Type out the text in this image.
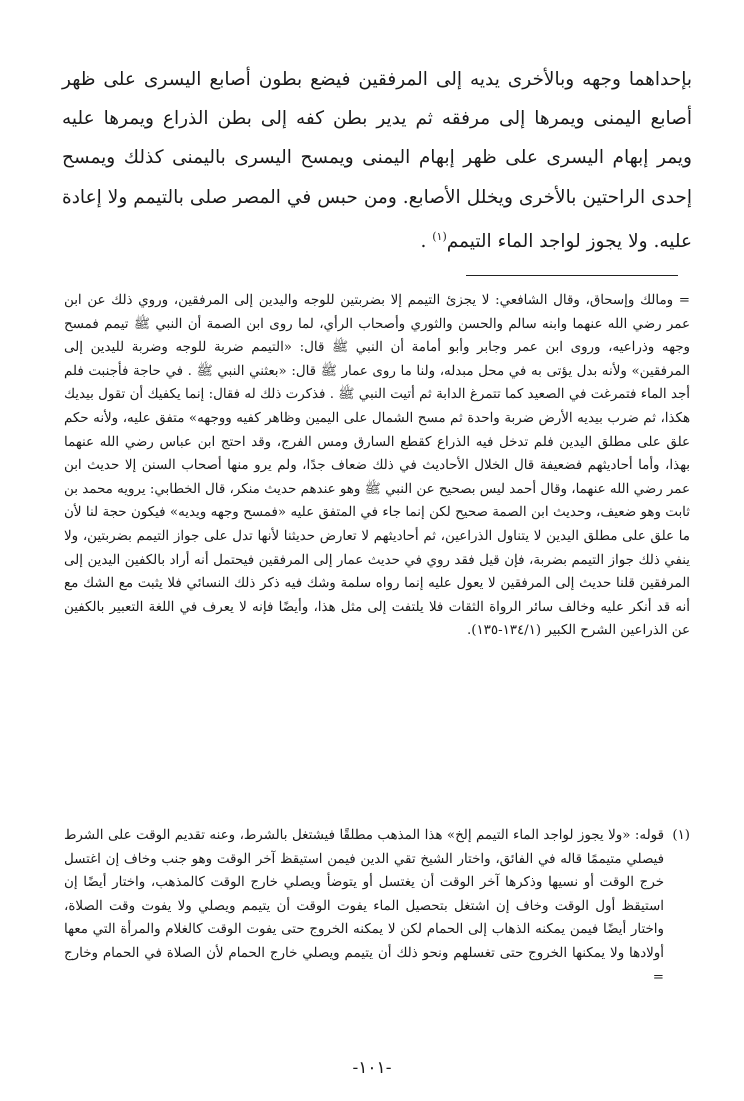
بإحداهما وجهه وبالأخرى يديه إلى المرفقين فيضع بطون أصابع اليسرى على ظهر أصابع اليمنى ويمرها إلى مرفقه ثم يدير بطن كفه إلى بطن الذراع ويمرها عليه ويمر إبهام اليسرى على ظهر إبهام اليمنى ويمسح اليسرى باليمنى كذلك ويمسح إحدى الراحتين بالأخرى ويخلل الأصابع. ومن حبس في المصر صلى بالتيمم ولا إعادة عليه. ولا يجوز لواجد الماء التيمم$^{(١)}$ .

= ومالك وإسحاق، وقال الشافعي: لا يجزئ التيمم إلا بضربتين للوجه واليدين إلى المرفقين، وروي ذلك عن ابن عمر رضي الله عنهما وابنه سالم والحسن والثوري وأصحاب الرأي، لما روى ابن الصمة أن النبي ﷺ تيمم فمسح وجهه وذراعيه، وروى ابن عمر وجابر وأبو أمامة أن النبي ﷺ قال: «التيمم ضربة للوجه وضربة لليدين إلى المرفقين» ولأنه بدل يؤتى به في محل مبدله، ولنا ما روى عمار ﷺ قال: «بعثني النبي ﷺ . في حاجة فأجنبت فلم أجد الماء فتمرغت في الصعيد كما تتمرغ الدابة ثم أتيت النبي ﷺ . فذكرت ذلك له فقال: إنما يكفيك أن تقول بيديك هكذا، ثم ضرب بيديه الأرض ضربة واحدة ثم مسح الشمال على اليمين وظاهر كفيه ووجهه» متفق عليه، ولأنه حكم علق على مطلق اليدين فلم تدخل فيه الذراع كقطع السارق ومس الفرج، وقد احتج ابن عباس رضي الله عنهما بهذا، وأما أحاديثهم فضعيفة قال الخلال الأحاديث في ذلك ضعاف جدًا، ولم يرو منها أصحاب السنن إلا حديث ابن عمر رضي الله عنهما، وقال أحمد ليس بصحيح عن النبي ﷺ وهو عندهم حديث منكر، قال الخطابي: يرويه محمد بن ثابت وهو ضعيف، وحديث ابن الصمة صحيح لكن إنما جاء في المتفق عليه «فمسح وجهه ويديه» فيكون حجة لنا لأن ما علق على مطلق اليدين لا يتناول الذراعين، ثم أحاديثهم لا تعارض حديثنا لأنها تدل على جواز التيمم بضربتين، ولا ينفي ذلك جواز التيمم بضربة، فإن قيل فقد روي في حديث عمار إلى المرفقين فيحتمل أنه أراد بالكفين اليدين إلى المرفقين قلنا حديث إلى المرفقين لا يعول عليه إنما رواه سلمة وشك فيه ذكر ذلك النسائي فلا يثبت مع الشك مع أنه قد أنكر عليه وخالف سائر الرواة الثقات فلا يلتفت إلى مثل هذا، وأيضًا فإنه لا يعرف في اللغة التعبير بالكفين عن الذراعين الشرح الكبير (١٣٤/١-١٣٥).

(١)
قوله: «ولا يجوز لواجد الماء التيمم إلخ» هذا المذهب مطلقًا فيشتغل بالشرط، وعنه تقديم الوقت على الشرط فيصلي متيممًا قاله في الفائق، واختار الشيخ تقي الدين فيمن استيقظ آخر الوقت وهو جنب وخاف إن اغتسل خرج الوقت أو نسيها وذكرها آخر الوقت أن يغتسل أو يتوضأ ويصلي خارج الوقت كالمذهب، واختار أيضًا إن استيقظ أول الوقت وخاف إن اشتغل بتحصيل الماء يفوت الوقت أن يتيمم ويصلي ولا يفوت وقت الصلاة، واختار أيضًا فيمن يمكنه الذهاب إلى الحمام لكن لا يمكنه الخروج حتى يفوت الوقت كالغلام والمرأة التي معها أولادها ولا يمكنها الخروج حتى تغسلهم ونحو ذلك أن يتيمم ويصلي خارج الحمام لأن الصلاة في الحمام وخارج =

-١٠١-
